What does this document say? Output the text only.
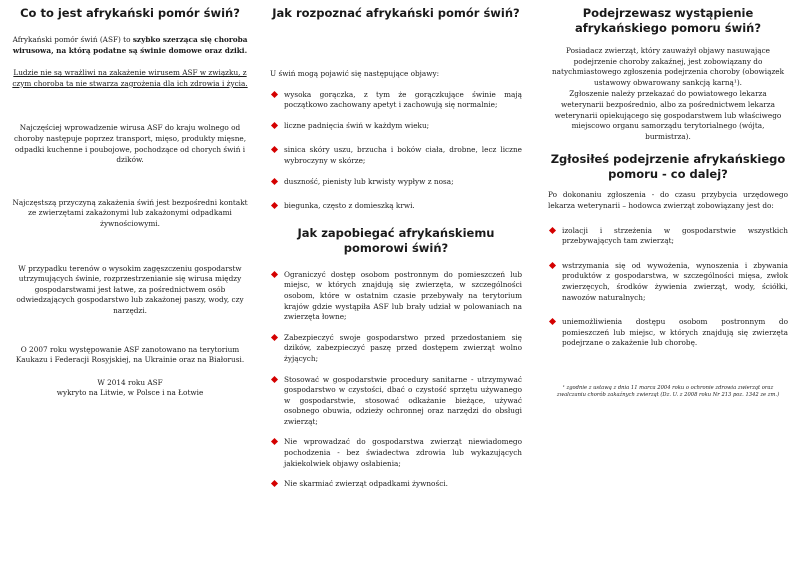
Co to jest afrykański pomór świń?

Afrykański pomór świń (ASF) to szybko szerząca się choroba wirusowa, na którą podatne są świnie domowe oraz dziki.

Ludzie nie są wrażliwi na zakażenie wirusem ASF w związku, z czym choroba ta nie stwarza zagrożenia dla ich zdrowia i życia.

Najczęściej wprowadzenie wirusa ASF do kraju wolnego od choroby następuje poprzez transport, mięso, produkty mięsne, odpadki kuchenne i poubojowe, pochodzące od chorych świń i dzików.

Najczęstszą przyczyną zakażenia świń jest bezpośredni kontakt ze zwierzętami zakażonymi lub zakażonymi odpadkami żywnościowymi.

W przypadku terenów o wysokim zagęszczeniu gospodarstw utrzymujących świnie, rozprzestrzenianie się wirusa między gospodarstwami jest łatwe, za pośrednictwem osób odwiedzających gospodarstwo lub zakażonej paszy, wody, czy narzędzi.

O 2007 roku występowanie ASF zanotowano na terytorium Kaukazu i Federacji Rosyjskiej, na Ukrainie oraz na Białorusi.

W 2014 roku ASF

wykryto na Litwie, w Polsce i na Łotwie

Jak rozpoznać afrykański pomór świń?

U świń mogą pojawić się następujące objawy:

wysoka gorączka, z tym że gorączkujące świnie mają początkowo zachowany apetyt i zachowują się normalnie;
liczne padnięcia świń w każdym wieku;
sinica skóry uszu, brzucha i boków ciała, drobne, lecz liczne wybroczyny w skórze;
duszność, pienisty lub krwisty wypływ z nosa;
biegunka, często z domieszką krwi.
Jak zapobiegać afrykańskiemu pomorowi świń?
Ograniczyć dostęp osobom postronnym do pomieszczeń lub miejsc, w których znajdują się zwierzęta, w szczególności osobom, które w ostatnim czasie przebywały na terytorium krajów gdzie wystąpiła ASF lub brały udział w polowaniach na zwierzęta łowne;
Zabezpieczyć swoje gospodarstwo przed przedostaniem się dzików, zabezpieczyć paszę przed dostępem zwierząt wolno żyjących;
Stosować w gospodarstwie procedury sanitarne - utrzymywać gospodarstwo w czystości, dbać o czystość sprzętu używanego w gospodarstwie, stosować odkażanie bieżące, używać osobnego obuwia, odzieży ochronnej oraz narzędzi do obsługi zwierząt;
Nie wprowadzać do gospodarstwa zwierząt niewiadomego pochodzenia - bez świadectwa zdrowia lub wykazujących jakiekolwiek objawy osłabienia;
Nie skarmiać zwierząt odpadkami żywności.
Podejrzewasz wystąpienie afrykańskiego pomoru świń?

Posiadacz zwierząt, który zauważył objawy nasuwające podejrzenie choroby zakaźnej, jest zobowiązany do natychmiastowego zgłoszenia podejrzenia choroby (obowiązek ustawowy obwarowany sankcją karną¹).

Zgłoszenie należy przekazać do powiatowego lekarza weterynarii bezpośrednio, albo za pośrednictwem lekarza weterynarii opiekującego się gospodarstwem lub właściwego miejscowo organu samorządu terytorialnego (wójta, burmistrza).

Zgłosiłeś podejrzenie afrykańskiego pomoru - co dalej?

Po dokonaniu zgłoszenia - do czasu przybycia urzędowego lekarza weterynarii – hodowca zwierząt zobowiązany jest do:

izolacji i strzeżenia w gospodarstwie wszystkich przebywających tam zwierząt;
wstrzymania się od wywożenia, wynoszenia i zbywania produktów z gospodarstwa, w szczególności mięsa, zwłok zwierzęcych, środków żywienia zwierząt, wody, ściółki, nawozów naturalnych;
uniemożliwienia dostępu osobom postronnym do pomieszczeń lub miejsc, w których znajdują się zwierzęta podejrzane o zakażenie lub chorobę.

¹ zgodnie z ustawą z dnia 11 marca 2004 roku o ochronie zdrowia zwierząt oraz zwalczaniu chorób zakaźnych zwierząt (Dz. U. z 2008 roku Nr 213 poz. 1342 ze zm.)
